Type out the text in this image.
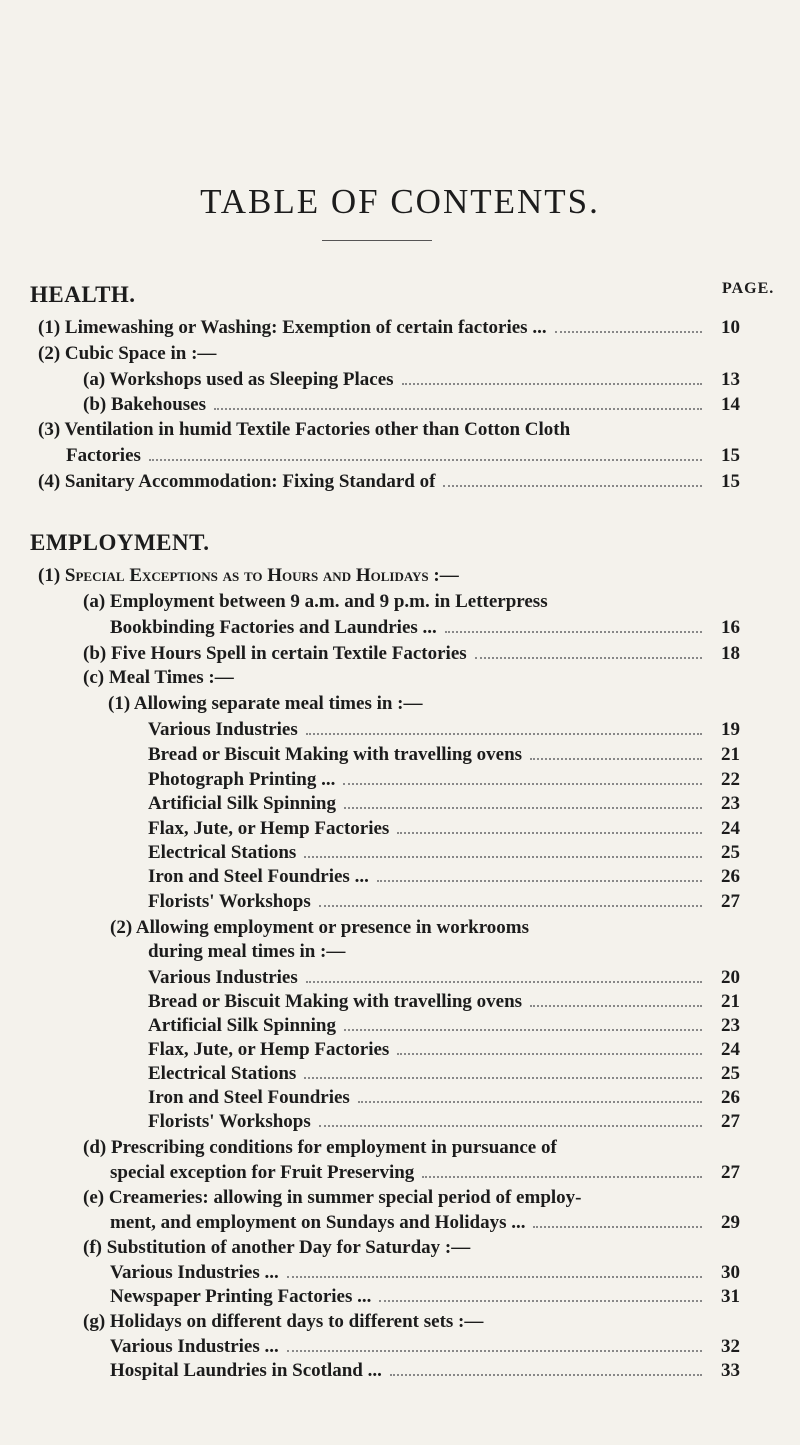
TABLE OF CONTENTS.
PAGE.
HEALTH.
EMPLOYMENT.
(1) Limewashing or Washing: Exemption of certain factories ...	10
(2) Cubic Space in :—
(a) Workshops used as Sleeping Places	13
(b) Bakehouses	14
(3) Ventilation in humid Textile Factories other than Cotton Cloth
Factories	15
(4) Sanitary Accommodation: Fixing Standard of	15
(1) Special Exceptions as to Hours and Holidays :—
(a) Employment between 9 a.m. and 9 p.m. in Letterpress
Bookbinding Factories and Laundries ...	16
(b) Five Hours Spell in certain Textile Factories	18
(c) Meal Times :—
(1) Allowing separate meal times in :—
Various Industries	19
Bread or Biscuit Making with travelling ovens	21
Photograph Printing ...	22
Artificial Silk Spinning	23
Flax, Jute, or Hemp Factories	24
Electrical Stations	25
Iron and Steel Foundries ...	26
Florists' Workshops	27
(2) Allowing employment or presence in workrooms
during meal times in :—
Various Industries	20
Bread or Biscuit Making with travelling ovens	21
Artificial Silk Spinning	23
Flax, Jute, or Hemp Factories	24
Electrical Stations	25
Iron and Steel Foundries	26
Florists' Workshops	27
(d) Prescribing conditions for employment in pursuance of
special exception for Fruit Preserving	27
(e) Creameries: allowing in summer special period of employ-
ment, and employment on Sundays and Holidays ...	29
(f) Substitution of another Day for Saturday :—
Various Industries ...	30
Newspaper Printing Factories ...	31
(g) Holidays on different days to different sets :—
Various Industries ...	32
Hospital Laundries in Scotland ...	33
